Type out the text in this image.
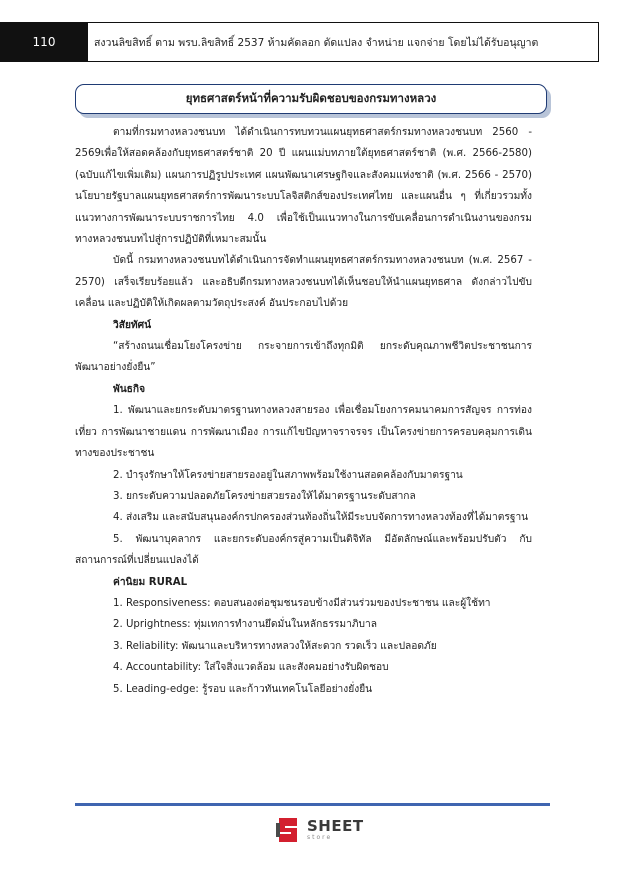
110	สงวนลิขสิทธิ์ ตาม พรบ.ลิขสิทธิ์ 2537 ห้ามคัดลอก ดัดแปลง จำหน่าย แจกจ่าย โดยไม่ได้รับอนุญาต
ยุทธศาสตร์หน้าที่ความรับผิดชอบของกรมทางหลวง

ตามที่กรมทางหลวงชนบท ได้ดำเนินการทบทวนแผนยุทธศาสตร์กรมทางหลวงชนบท 2560 - 2569เพื่อให้สอดคล้องกับยุทธศาสตร์ชาติ 20 ปี แผนแม่บทภายใต้ยุทธศาสตร์ชาติ (พ.ศ. 2566-2580) (ฉบับแก้ไขเพิ่มเติม) แผนการปฏิรูปประเทศ แผนพัฒนาเศรษฐกิจและสังคมแห่งชาติ (พ.ศ. 2566 - 2570) นโยบายรัฐบาลแผนยุทธศาสตร์การพัฒนาระบบโลจิสติกส์ของประเทศไทย และแผนอื่น ๆ ที่เกี่ยวรวมทั้งแนวทางการพัฒนาระบบราชการไทย 4.0 เพื่อใช้เป็นแนวทางในการขับเคลื่อนการดำเนินงานของกรมทางหลวงชนบทไปสู่การปฏิบัติที่เหมาะสมนั้น

บัดนี้ กรมทางหลวงชนบทได้ดำเนินการจัดทำแผนยุทธศาสตร์กรมทางหลวงชนบท (พ.ศ. 2567 - 2570) เสร็จเรียบร้อยแล้ว และอธิบดีกรมทางหลวงชนบทได้เห็นชอบให้นำแผนยุทธศาล ดังกล่าวไปขับเคลื่อน และปฏิบัติให้เกิดผลตามวัตถุประสงค์ อันประกอบไปด้วย

วิสัยทัศน์

“สร้างถนนเชื่อมโยงโครงข่าย กระจายการเข้าถึงทุกมิติ ยกระดับคุณภาพชีวิตประชาชนการพัฒนาอย่างยั่งยืน”

พันธกิจ

1. พัฒนาและยกระดับมาตรฐานทางหลวงสายรอง เพื่อเชื่อมโยงการคมนาคมการสัญจร การท่องเที่ยว การพัฒนาชายแดน การพัฒนาเมือง การแก้ไขปัญหาจราจรจร เป็นโครงข่ายการครอบคลุมการเดินทางของประชาชน

2. บำรุงรักษาให้โครงข่ายสายรองอยู่ในสภาพพร้อมใช้งานสอดคล้องกับมาตรฐาน

3. ยกระดับความปลอดภัยโครงข่ายสวยรองให้ได้มาตรฐานระดับสากล

4. ส่งเสริม และสนับสนุนองค์กรปกครองส่วนท้องถิ่นให้มีระบบจัดการทางหลวงท้องที่ได้มาตรฐาน

5. พัฒนาบุคลากร และยกระดับองค์กรสู่ความเป็นดิจิทัล มีอัตลักษณ์และพร้อมปรับตัว กับสถานการณ์ที่เปลี่ยนแปลงได้

ค่านิยม RURAL

1. Responsiveness: ตอบสนองต่อชุมชนรอบข้างมีส่วนร่วมของประชาชน และผู้ใช้ทา

2. Uprightness: ทุ่มเทการทำงานยึดมั่นในหลักธรรมาภิบาล

3. Reliability: พัฒนาและบริหารทางหลวงให้สะดวก รวดเร็ว และปลอดภัย

4. Accountability: ใส่ใจสิ่งแวดล้อม และสังคมอย่างรับผิดชอบ

5. Leading-edge: รู้รอบ และก้าวทันเทคโนโลยีอย่างยั่งยืน

SHEET
store
